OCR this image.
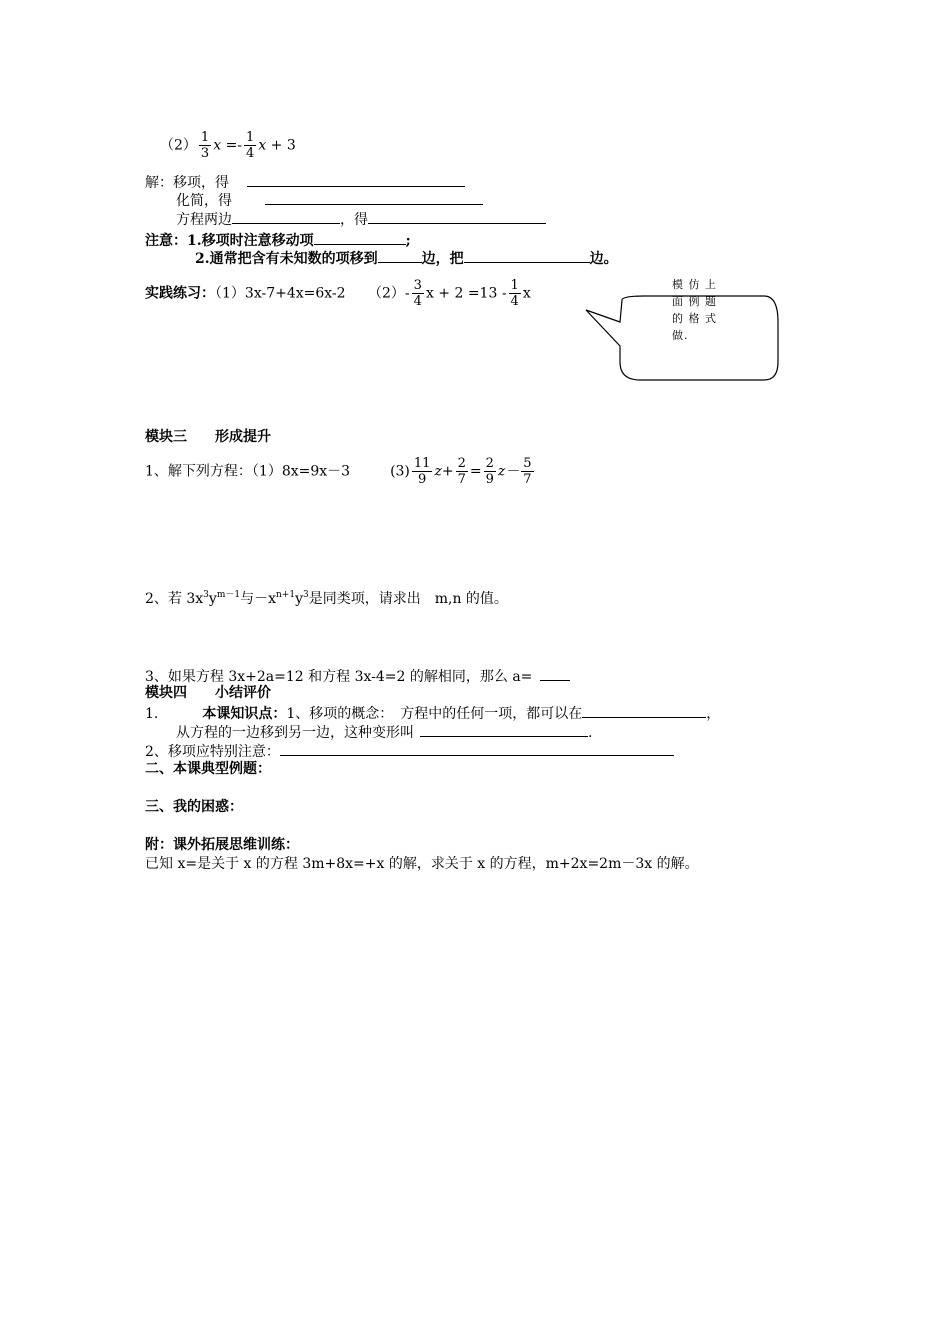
$(2) \frac{1}{3}$ $x =- \frac{1}{4}$ x + 3
解：移项，得
化简，得
方程两边	，得
注意：1.移项时注意移动项	;
2.通常把含有未知数的项移到	边，把	边。
实践练习：（1）3x-7+4x=6x-2 $(2)- \frac{3}{4}$ $x + 2 =13 - \frac{1}{4}$ x
模 仿 上
面 例 题
的 格 式
做.
模块三　　形成提升
1、解下列方程：（1）8x=9x－3	$(3) \frac{11}{9} z+ \frac{2}{7} = \frac{2}{9} z- \frac{5}{7}$
2、若 $3x^3y^{m-1}$与$-x^{n+1}y^3$是同类项，请求出　m,n 的值。
3、如果方程 3x+2a=12 和方程 3x-4=2 的解相同，那么 a=
模块四　　小结评价
1.	本课知识点：1、移项的概念：　方程中的任何一项，都可以在	，
从方程的一边移到另一边，这种变形叫	.
2、移项应特别注意：
二、本课典型例题：
三、我的困惑：
附：课外拓展思维训练：
已知 x=是关于 x 的方程 3m+8x=+x 的解，求关于 x 的方程，m+2x=2m－3x 的解。
